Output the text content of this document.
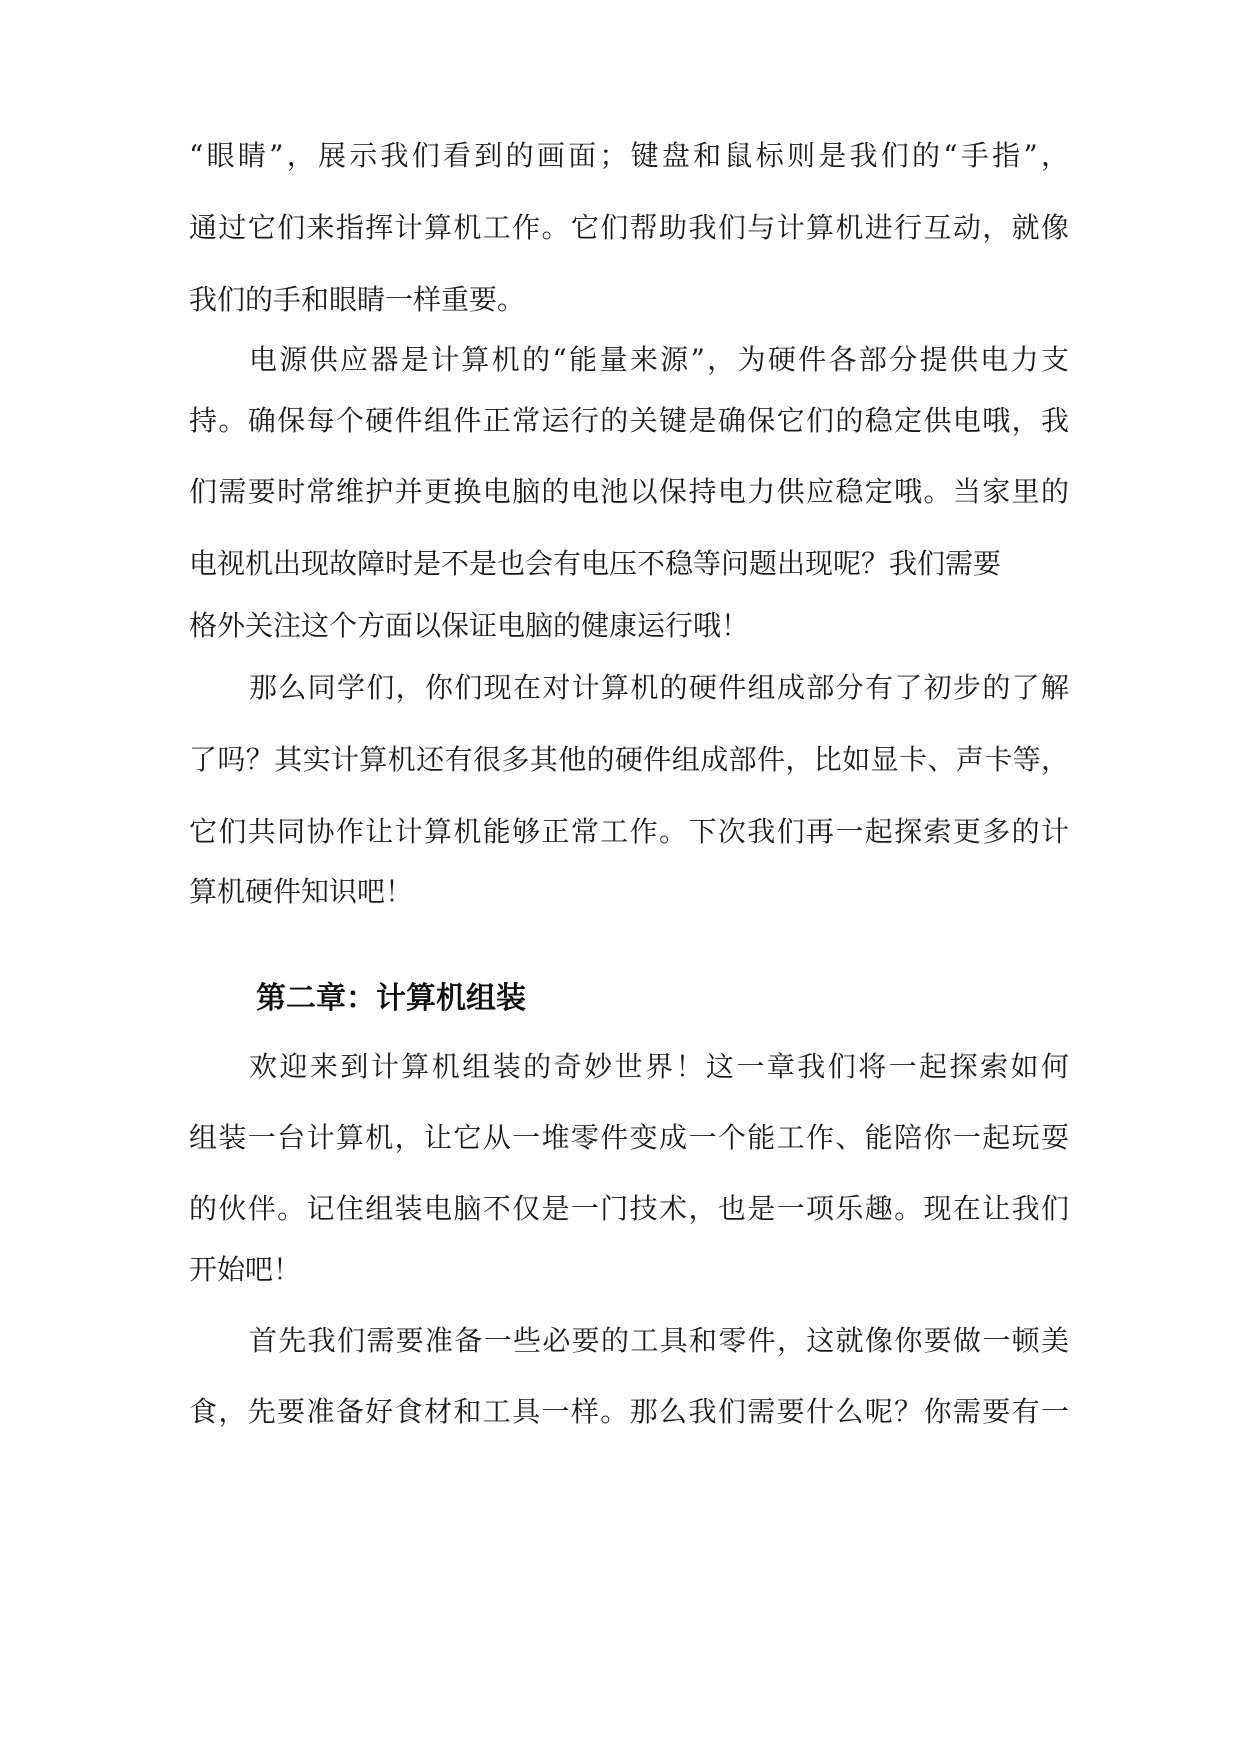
“眼睛”，展示我们看到的画面；键盘和鼠标则是我们的“手指”，
通过它们来指挥计算机工作。它们帮助我们与计算机进行互动，就像
我们的手和眼睛一样重要。
电源供应器是计算机的“能量来源”，为硬件各部分提供电力支
持。确保每个硬件组件正常运行的关键是确保它们的稳定供电哦，我
们需要时常维护并更换电脑的电池以保持电力供应稳定哦。当家里的
电视机出现故障时是不是也会有电压不稳等问题出现呢？我们需要
格外关注这个方面以保证电脑的健康运行哦！
那么同学们，你们现在对计算机的硬件组成部分有了初步的了解
了吗？其实计算机还有很多其他的硬件组成部件，比如显卡、声卡等，
它们共同协作让计算机能够正常工作。下次我们再一起探索更多的计
算机硬件知识吧！
第二章：计算机组装
欢迎来到计算机组装的奇妙世界！这一章我们将一起探索如何
组装一台计算机，让它从一堆零件变成一个能工作、能陪你一起玩耍
的伙伴。记住组装电脑不仅是一门技术，也是一项乐趣。现在让我们
开始吧！
首先我们需要准备一些必要的工具和零件，这就像你要做一顿美
食，先要准备好食材和工具一样。那么我们需要什么呢？你需要有一
